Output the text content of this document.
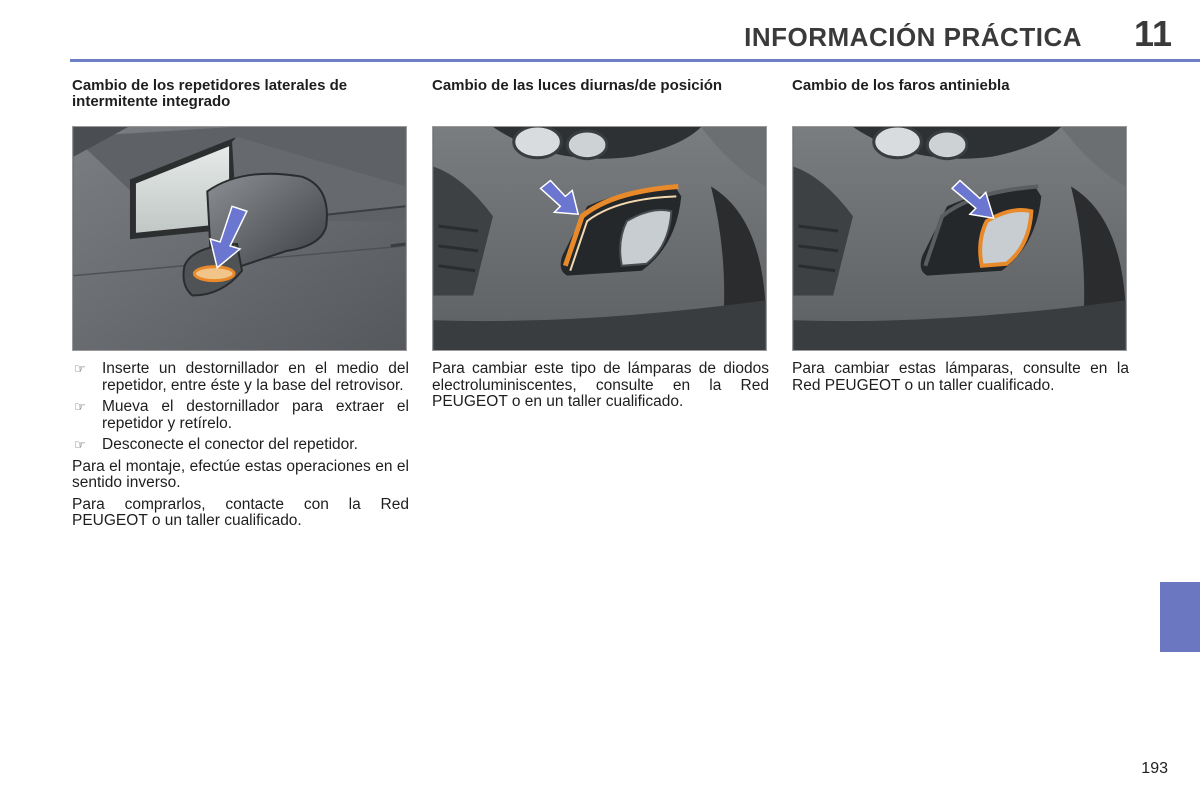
INFORMACIÓN PRÁCTICA 11
Cambio de los repetidores laterales de intermitente integrado
☞ Inserte un destornillador en el medio del repetidor, entre éste y la base del retrovisor.
☞ Mueva el destornillador para extraer el repetidor y retírelo.
☞ Desconecte el conector del repetidor.

Para el montaje, efectúe estas operaciones en el sentido inverso.

Para comprarlos, contacte con la Red PEUGEOT o un taller cualificado.

Cambio de las luces diurnas/de posición

Para cambiar este tipo de lámparas de diodos electroluminiscentes, consulte en la Red PEUGEOT o en un taller cualificado.

Cambio de los faros antiniebla

Para cambiar estas lámparas, consulte en la Red PEUGEOT o un taller cualificado.

193
